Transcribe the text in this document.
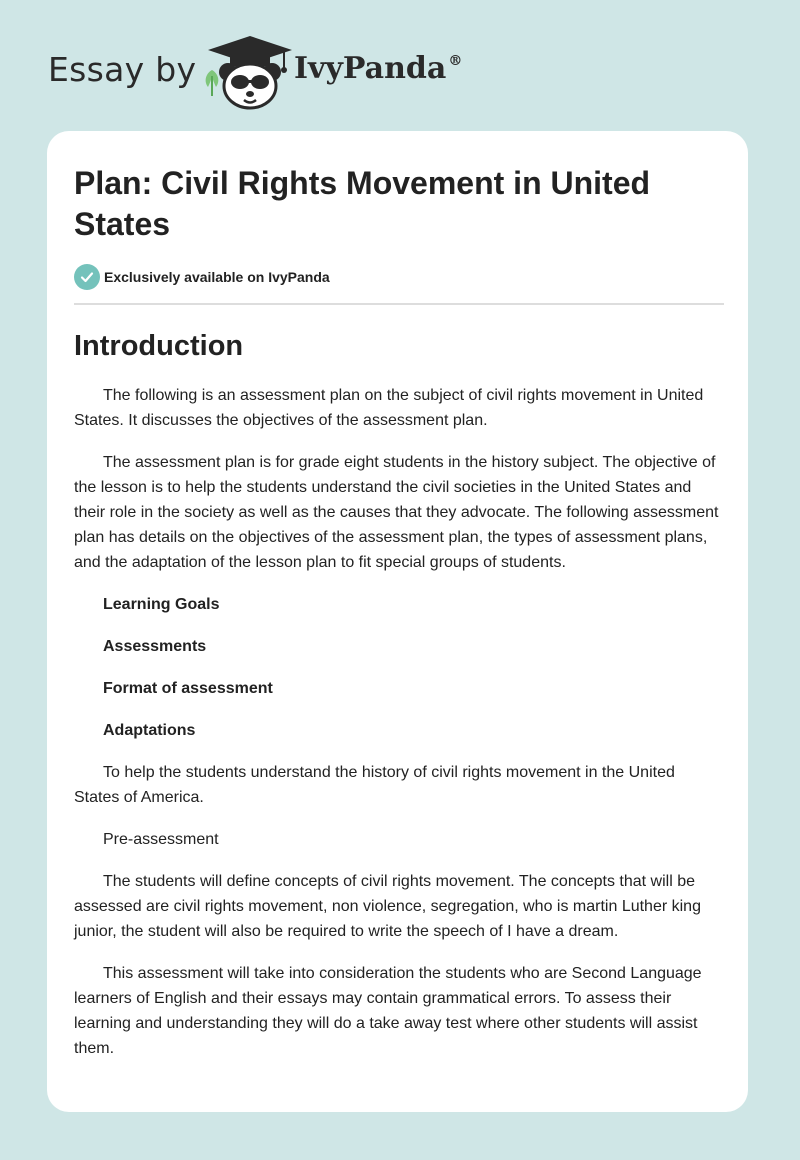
Essay by	IvyPanda ®
Plan: Civil Rights Movement in United States
Exclusively available on IvyPanda
Introduction

The following is an assessment plan on the subject of civil rights movement in United States. It discusses the objectives of the assessment plan.

The assessment plan is for grade eight students in the history subject. The objective of the lesson is to help the students understand the civil societies in the United States and their role in the society as well as the causes that they advocate. The following assessment plan has details on the objectives of the assessment plan, the types of assessment plans, and the adaptation of the lesson plan to fit special groups of students.

Learning Goals

Assessments

Format of assessment

Adaptations

To help the students understand the history of civil rights movement in the United States of America.

Pre-assessment

The students will define concepts of civil rights movement. The concepts that will be assessed are civil rights movement, non violence, segregation, who is martin Luther king junior, the student will also be required to write the speech of I have a dream.

This assessment will take into consideration the students who are Second Language learners of English and their essays may contain grammatical errors. To assess their learning and understanding they will do a take away test where other students will assist them.
